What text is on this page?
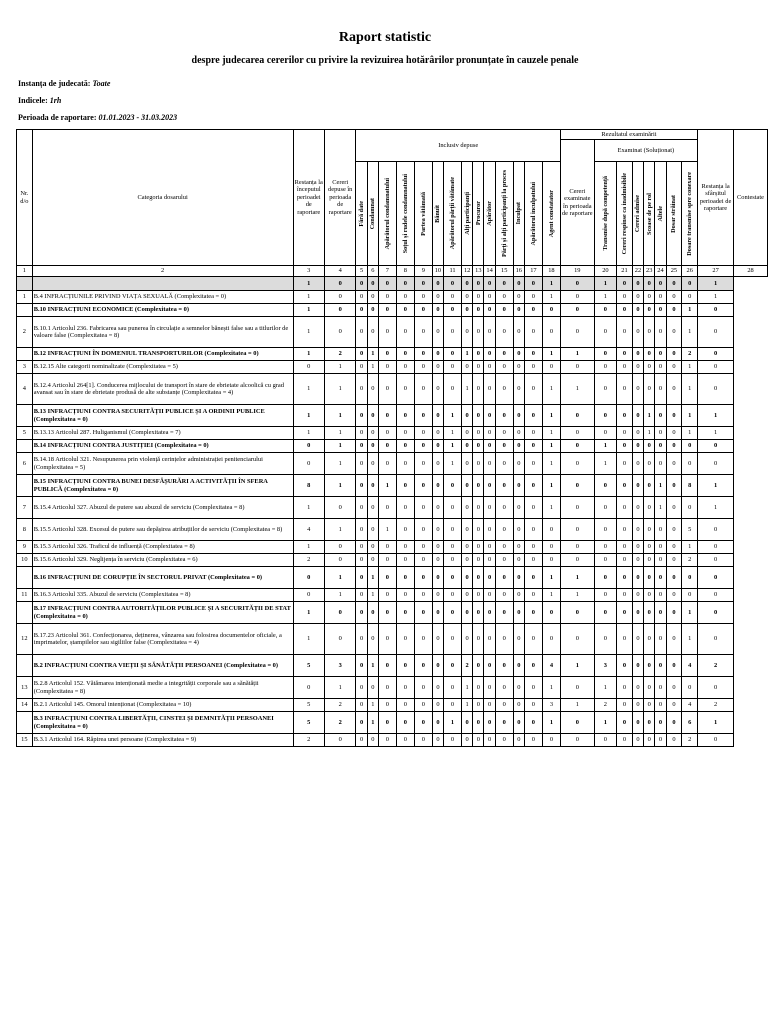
Raport statistic
despre judecarea cererilor cu privire la revizuirea hotărârilor pronunțate în cauzele penale
Instanța de judecată: Toate
Indicele: 1rh
Perioada de raportare: 01.01.2023 - 31.03.2023
Nr. d/o	Categoria dosarului	Restanța la începutul perioadei de raportare	Cereri depuse în perioada de raportare	Inclusiv depuse														Rezultatul examinării								Restanța la sfârșitul perioadei de raportare	Contestate
																		Cereri examinate în perioada de raportare	Examinat (Soluționat)								

				Fără date	Condamnat	Apărătorul condamnatului	Soțul și rudele condamnatului	Partea vătămată	Bănuit	Apărătorul părții vătămate	Alți participanți	Procuror	Apărător	Părți și alți participanți la proces	Inculpat	Apărătorul inculpatului	Agent constatator		Transmise după competență	Cereri respinse ca inadmisibile	Cereri admise	Scoase de pe rol	Altele	Dosar străinat	Dosare transmise spre conexare		

1	2	3	4	5	6	7	8	9	10	11	12	13	14	15	16	17	18	19	20	21	22	23	24	25	26	27	28
		1	0	0	0	0	0	0	0	0	0	0	0	0	0	0	1	0	1	0	0	0	0	0	0	1	
1	B.4 INFRACȚIUNILE PRIVIND VIAȚA SEXUALĂ (Complexitatea = 0)	1	0	0	0	0	0	0	0	0	0	0	0	0	0	0	1	0	1	0	0	0	0	0	0	1	
	B.10 INFRACȚIUNI ECONOMICE (Complexitatea = 0)	1	0	0	0	0	0	0	0	0	0	0	0	0	0	0	0	0	0	0	0	0	0	0	1	0	
2	B.10.1 Articolul 236. Fabricarea sau punerea în circulație a semnelor bănești false sau a titlurilor de valoare false (Complexitatea = 8)	1	0	0	0	0	0	0	0	0	0	0	0	0	0	0	0	0	0	0	0	0	0	0	1	0	
	B.12 INFRACȚIUNI ÎN DOMENIUL TRANSPORTURILOR (Complexitatea = 0)	1	2	0	1	0	0	0	0	0	1	0	0	0	0	0	1	1	0	0	0	0	0	0	2	0	
3	B.12.15 Alte categorii nominalizate (Complexitatea = 5)	0	1	0	1	0	0	0	0	0	0	0	0	0	0	0	0	0	0	0	0	0	0	0	1	0	
4	B.12.4 Articolul 264[1]. Conducerea mijlocului de transport în stare de ebrietate alcoolică cu grad avansat sau în stare de ebrietate produsă de alte substanțe (Complexitatea = 4)	1	1	0	0	0	0	0	0	0	1	0	0	0	0	0	1	1	0	0	0	0	0	0	1	0	
	B.13 INFRACȚIUNI CONTRA SECURITĂȚII PUBLICE ȘI A ORDINII PUBLICE (Complexitatea = 0)	1	1	0	0	0	0	0	0	1	0	0	0	0	0	0	1	0	0	0	0	1	0	0	1	1	
5	B.13.13 Articolul 287. Huliganismul (Complexitatea = 7)	1	1	0	0	0	0	0	0	1	0	0	0	0	0	0	1	0	0	0	0	1	0	0	1	1	
	B.14 INFRACȚIUNI CONTRA JUSTIȚIEI (Complexitatea = 0)	0	1	0	0	0	0	0	0	1	0	0	0	0	0	0	1	0	1	0	0	0	0	0	0	0	
6	B.14.18 Articolul 321. Nesupunerea prin violență cerințelor administrației penitenciarului (Complexitatea = 5)	0	1	0	0	0	0	0	0	1	0	0	0	0	0	0	1	0	1	0	0	0	0	0	0	0	
	B.15 INFRACȚIUNI CONTRA BUNEI DESFĂȘURĂRI A ACTIVITĂȚII ÎN SFERA PUBLICĂ (Complexitatea = 0)	8	1	0	0	1	0	0	0	0	0	0	0	0	0	0	1	0	0	0	0	0	1	0	8	1	
7	B.15.4 Articolul 327. Abuzul de putere sau abuzul de serviciu (Complexitatea = 8)	1	0	0	0	0	0	0	0	0	0	0	0	0	0	0	1	0	0	0	0	0	1	0	0	1	
8	B.15.5 Articolul 328. Excesul de putere sau depășirea atribuțiilor de serviciu (Complexitatea = 8)	4	1	0	0	1	0	0	0	0	0	0	0	0	0	0	0	0	0	0	0	0	0	0	5	0	
9	B.15.3 Articolul 326. Traficul de influență (Complexitatea = 8)	1	0	0	0	0	0	0	0	0	0	0	0	0	0	0	0	0	0	0	0	0	0	0	1	0	
10	B.15.6 Articolul 329. Neglijența în serviciu (Complexitatea = 6)	2	0	0	0	0	0	0	0	0	0	0	0	0	0	0	0	0	0	0	0	0	0	0	2	0	
	B.16 INFRACȚIUNI DE CORUPȚIE ÎN SECTORUL PRIVAT (Complexitatea = 0)	0	1	0	1	0	0	0	0	0	0	0	0	0	0	0	1	1	0	0	0	0	0	0	0	0	
11	B.16.3 Articolul 335. Abuzul de serviciu (Complexitatea = 8)	0	1	0	1	0	0	0	0	0	0	0	0	0	0	0	1	1	0	0	0	0	0	0	0	0	
	B.17 INFRACȚIUNI CONTRA AUTORITĂȚILOR PUBLICE ȘI A SECURITĂȚII DE STAT (Complexitatea = 0)	1	0	0	0	0	0	0	0	0	0	0	0	0	0	0	0	0	0	0	0	0	0	0	1	0	
12	B.17.23 Articolul 361. Confecționarea, deținerea, vânzarea sau folosirea documentelor oficiale, a imprimatelor, ștampilelor sau sigiliilor false (Complexitatea = 4)	1	0	0	0	0	0	0	0	0	0	0	0	0	0	0	0	0	0	0	0	0	0	0	1	0	
	B.2 INFRACȚIUNI CONTRA VIEȚII ȘI SĂNĂTĂȚII PERSOANEI (Complexitatea = 0)	5	3	0	1	0	0	0	0	0	2	0	0	0	0	0	4	1	3	0	0	0	0	0	4	2	
13	B.2.8 Articolul 152. Vătămarea intenționată medie a integrității corporale sau a sănătății (Complexitatea = 8)	0	1	0	0	0	0	0	0	0	1	0	0	0	0	0	1	0	1	0	0	0	0	0	0	0	
14	B.2.1 Articolul 145. Omorul intenționat (Complexitatea = 10)	5	2	0	1	0	0	0	0	0	1	0	0	0	0	0	3	1	2	0	0	0	0	0	4	2	
	B.3 INFRACȚIUNI CONTRA LIBERTĂȚII, CINSTEI ȘI DEMNITĂȚII PERSOANEI (Complexitatea = 0)	5	2	0	1	0	0	0	0	1	0	0	0	0	0	0	1	0	1	0	0	0	0	0	6	1	
15	B.3.1 Articolul 164. Răpirea unei persoane (Complexitatea = 9)	2	0	0	0	0	0	0	0	0	0	0	0	0	0	0	0	0	0	0	0	0	0	0	2	0	
